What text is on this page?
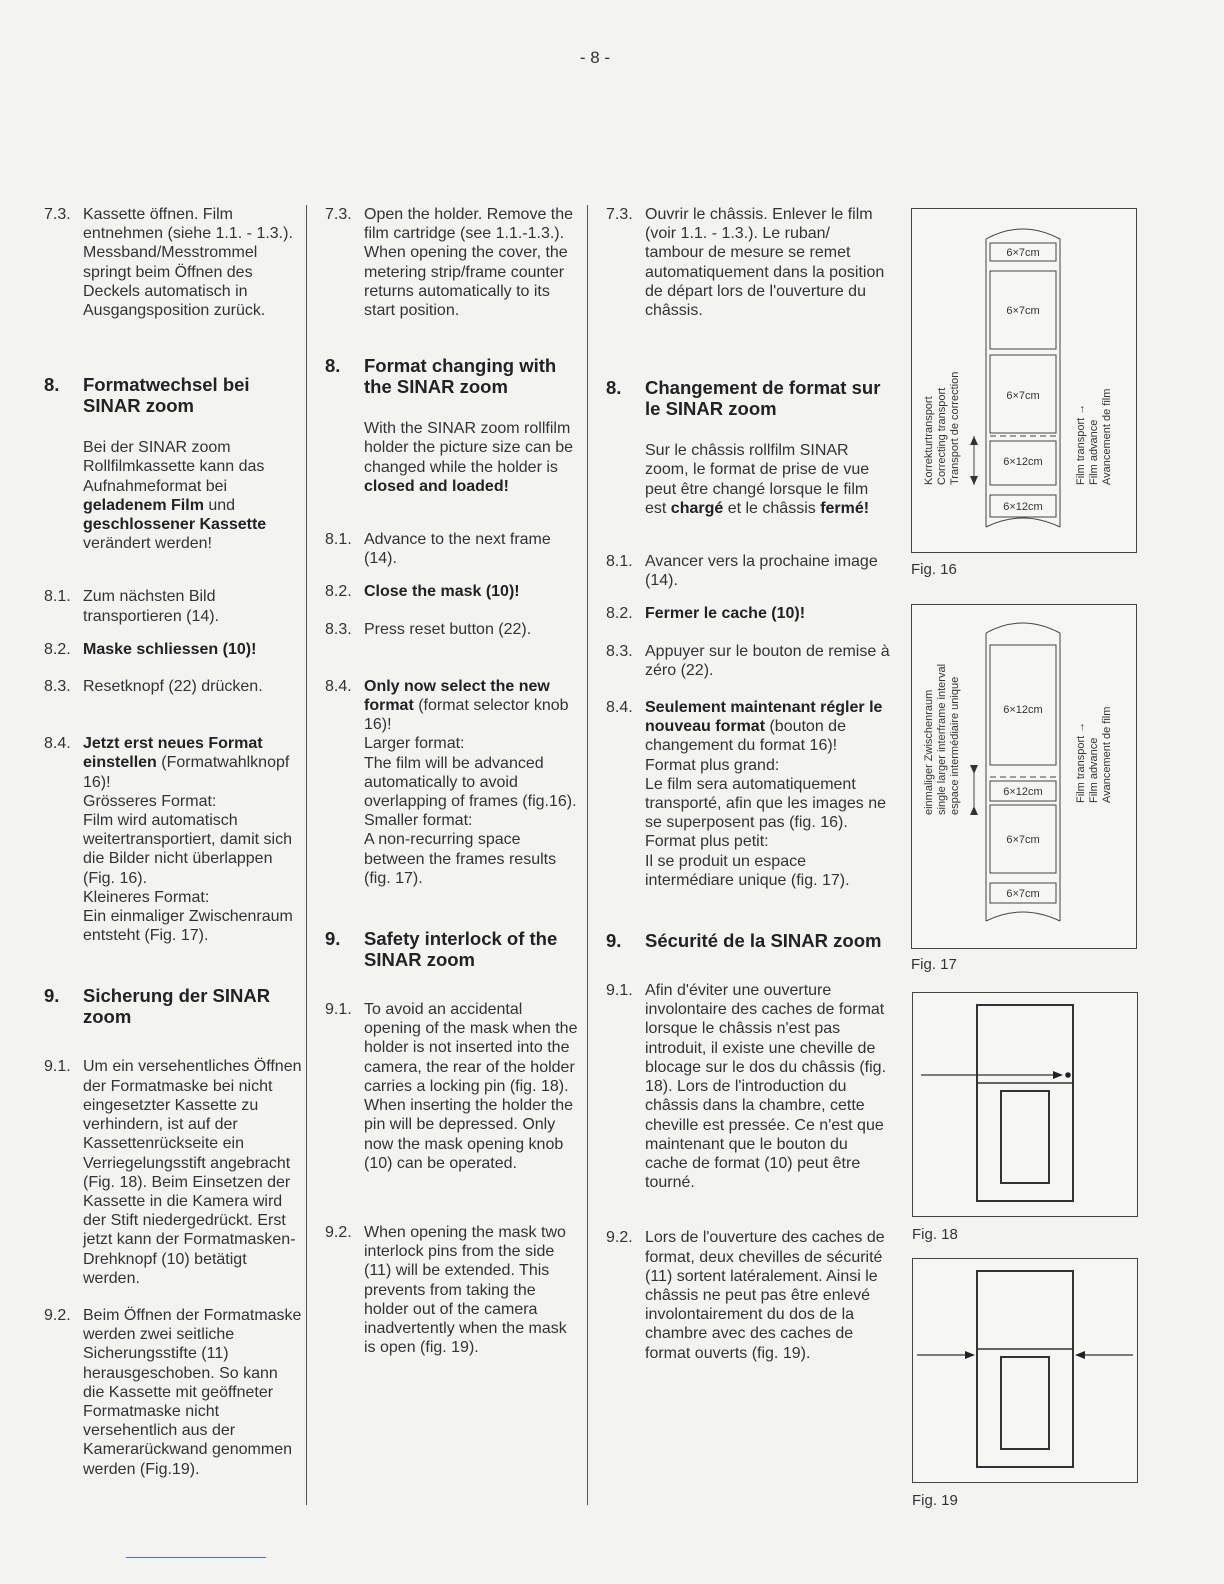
- 8 -
7.3. Kassette öffnen. Film entnehmen (siehe 1.1. - 1.3.). Messband/Messtrommel springt beim Öffnen des Deckels automatisch in Ausgangsposition zurück.
8. Formatwechsel bei SINAR zoom
Bei der SINAR zoom Rollfilmkassette kann das Aufnahmeformat bei geladenem Film und geschlossener Kassette verändert werden!
8.1. Zum nächsten Bild transportieren (14).
8.2. Maske schliessen (10)!
8.3. Resetknopf (22) drücken.
8.4. Jetzt erst neues Format einstellen (Formatwahlknopf 16)!
Grösseres Format:
Film wird automatisch weitertransportiert, damit sich die Bilder nicht überlappen (Fig. 16).
Kleineres Format:
Ein einmaliger Zwischenraum entsteht (Fig. 17).
9. Sicherung der SINAR zoom
9.1. Um ein versehentliches Öffnen der Formatmaske bei nicht eingesetzter Kassette zu verhindern, ist auf der Kassettenrückseite ein Verriegelungsstift angebracht (Fig. 18). Beim Einsetzen der Kassette in die Kamera wird der Stift niedergedrückt. Erst jetzt kann der Formatmasken-Drehknopf (10) betätigt werden.
9.2. Beim Öffnen der Formatmaske werden zwei seitliche Sicherungsstifte (11) herausgeschoben. So kann die Kassette mit geöffneter Formatmaske nicht versehentlich aus der Kamerarückwand genommen werden (Fig.19).
7.3. Open the holder. Remove the film cartridge (see 1.1.-1.3.). When opening the cover, the metering strip/frame counter returns automatically to its start position.
8. Format changing with the SINAR zoom
With the SINAR zoom rollfilm holder the picture size can be changed while the holder is closed and loaded!
8.1. Advance to the next frame (14).
8.2. Close the mask (10)!
8.3. Press reset button (22).
8.4. Only now select the new
format (format selector knob 16)!
Larger format:
The film will be advanced automatically to avoid overlapping of frames (fig.16).
Smaller format:
A non-recurring space between the frames results (fig. 17).
9. Safety interlock of the SINAR zoom
9.1. To avoid an accidental opening of the mask when the holder is not inserted into the camera, the rear of the holder carries a locking pin (fig. 18). When inserting the holder the pin will be depressed. Only now the mask opening knob (10) can be operated.
9.2. When opening the mask two interlock pins from the side (11) will be extended. This prevents from taking the holder out of the camera inadvertently when the mask is open (fig. 19).
7.3. Ouvrir le châssis. Enlever le film (voir 1.1. - 1.3.). Le ruban/ tambour de mesure se remet automatiquement dans la position de départ lors de l'ouverture du châssis.
8. Changement de format sur le SINAR zoom
Sur le châssis rollfilm SINAR zoom, le format de prise de vue peut être changé lorsque le film est chargé et le châssis fermé!
8.1. Avancer vers la prochaine image (14).
8.2. Fermer le cache (10)!
8.3. Appuyer sur le bouton de remise à zéro (22).
8.4. Seulement maintenant régler le nouveau format (bouton de changement du format 16)! Format plus grand:
Le film sera automatiquement transporté, afin que les images ne se superposent pas (fig. 16).
Format plus petit:
Il se produit un espace intermédiare unique (fig. 17).
9. Sécurité de la SINAR zoom
9.1. Afin d'éviter une ouverture involontaire des caches de format lorsque le châssis n'est pas introduit, il existe une cheville de blocage sur le dos du châssis (fig. 18). Lors de l'introduction du châssis dans la chambre, cette cheville est pressée. Ce n'est que maintenant que le bouton du cache de format (10) peut être tourné.
9.2. Lors de l'ouverture des caches de format, deux chevilles de sécurité (11) sortent latéralement. Ainsi le châssis ne peut pas être enlevé involontairement du dos de la chambre avec des caches de format ouverts (fig. 19).
6×7cm
6×7cm
6×7cm
6×12cm
6×12cm
Korrekturtransport Correcting transport Transport de correction	Film transport → Film advance Avancement de film
Fig. 16
6×12cm
6×12cm
6×7cm
6×7cm
einmaliger Zwischenraum single larger interframe interval espace intermédiaire unique	Film transport → Film advance Avancement de film
Fig. 17
Fig. 18
Fig. 19
